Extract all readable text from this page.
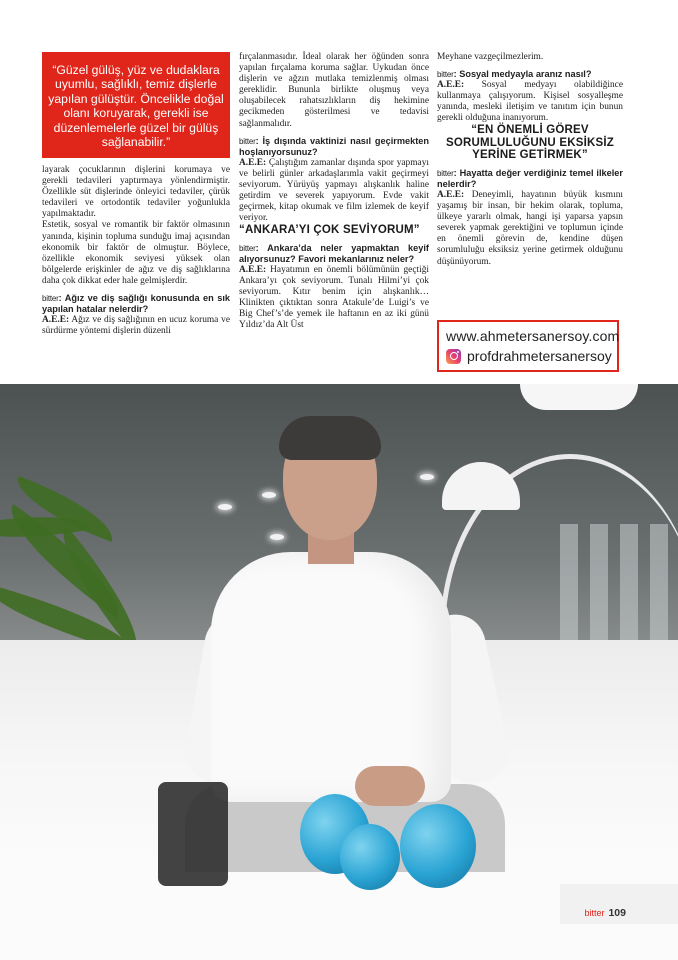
“Güzel gülüş, yüz ve dudaklara uyumlu, sağlıklı, temiz dişlerle yapılan gülüştür. Öncelikle doğal olanı koruyarak, gerekli ise düzenlemelerle güzel bir gülüş sağlanabilir.”

layarak çocuklarının dişlerini korumaya ve gerekli tedavileri yaptırmaya yönlendirmiştir. Özellikle süt dişlerinde önleyici tedaviler, çürük tedavileri ve ortodontik tedaviler yoğunlukla yapılmaktadır.

Estetik, sosyal ve romantik bir faktör olmasının yanında, kişinin topluma sunduğu imaj açısından ekonomik bir faktör de olmuştur. Böylece, özellikle ekonomik seviyesi yüksek olan bölgelerde erişkinler de ağız ve diş sağlıklarına daha çok dikkat eder hale gelmişlerdir.

bitter: Ağız ve diş sağlığı konusunda en sık yapılan hatalar nelerdir?

A.E.E: Ağız ve diş sağlığının en ucuz koruma ve sürdürme yöntemi dişlerin düzenli

fırçalanmasıdır. İdeal olarak her öğünden sonra yapılan fırçalama koruma sağlar. Uykudan önce dişlerin ve ağzın mutlaka temizlenmiş olması gereklidir. Bununla birlikte oluşmuş veya oluşabilecek rahatsızlıkların diş hekimine gecikmeden gösterilmesi ve tedavisi sağlanmalıdır.

bitter: İş dışında vaktinizi nasıl geçirmekten hoşlanıyorsunuz?

A.E.E: Çalıştığım zamanlar dışında spor yapmayı ve belirli günler arkadaşlarımla vakit geçirmeyi seviyorum. Yürüyüş yapmayı alışkanlık haline getirdim ve severek yapıyorum. Evde vakit geçirmek, kitap okumak ve film izlemek de keyif veriyor.

“ANKARA’YI ÇOK SEVİYORUM”

bitter: Ankara’da neler yapmaktan keyif alıyorsunuz? Favori mekanlarınız neler?

A.E.E: Hayatımın en önemli bölümünün geçtiği Ankara’yı çok seviyorum. Tunalı Hilmi’yi çok seviyorum. Kıtır benim için alışkanlık… Klinikten çıktıktan sonra Atakule’de Luigi’s ve Big Chef’s’de yemek ile haftanın en az iki günü Yıldız’da Alt Üst

Meyhane vazgeçilmezlerim.

bitter: Sosyal medyayla aranız nasıl?

A.E.E: Sosyal medyayı olabildiğince kullanmaya çalışıyorum. Kişisel sosyalleşme yanında, mesleki iletişim ve tanıtım için bunun gerekli olduğuna inanıyorum.

“EN ÖNEMLİ GÖREV SORUMLULUĞUNU EKSİKSİZ YERİNE GETİRMEK”

bitter: Hayatta değer verdiğiniz temel ilkeler nelerdir?

A.E.E: Deneyimli, hayatının büyük kısmını yaşamış bir insan, bir hekim olarak, topluma, ülkeye yararlı olmak, hangi işi yaparsa yapsın severek yapmak gerektiğini ve toplumun içinde en önemli görevin de, kendine düşen sorumluluğu eksiksiz yerine getirmek olduğunu düşünüyorum.

www.ahmetersanersoy.com
profdrahmetersanersoy
bitter 109
